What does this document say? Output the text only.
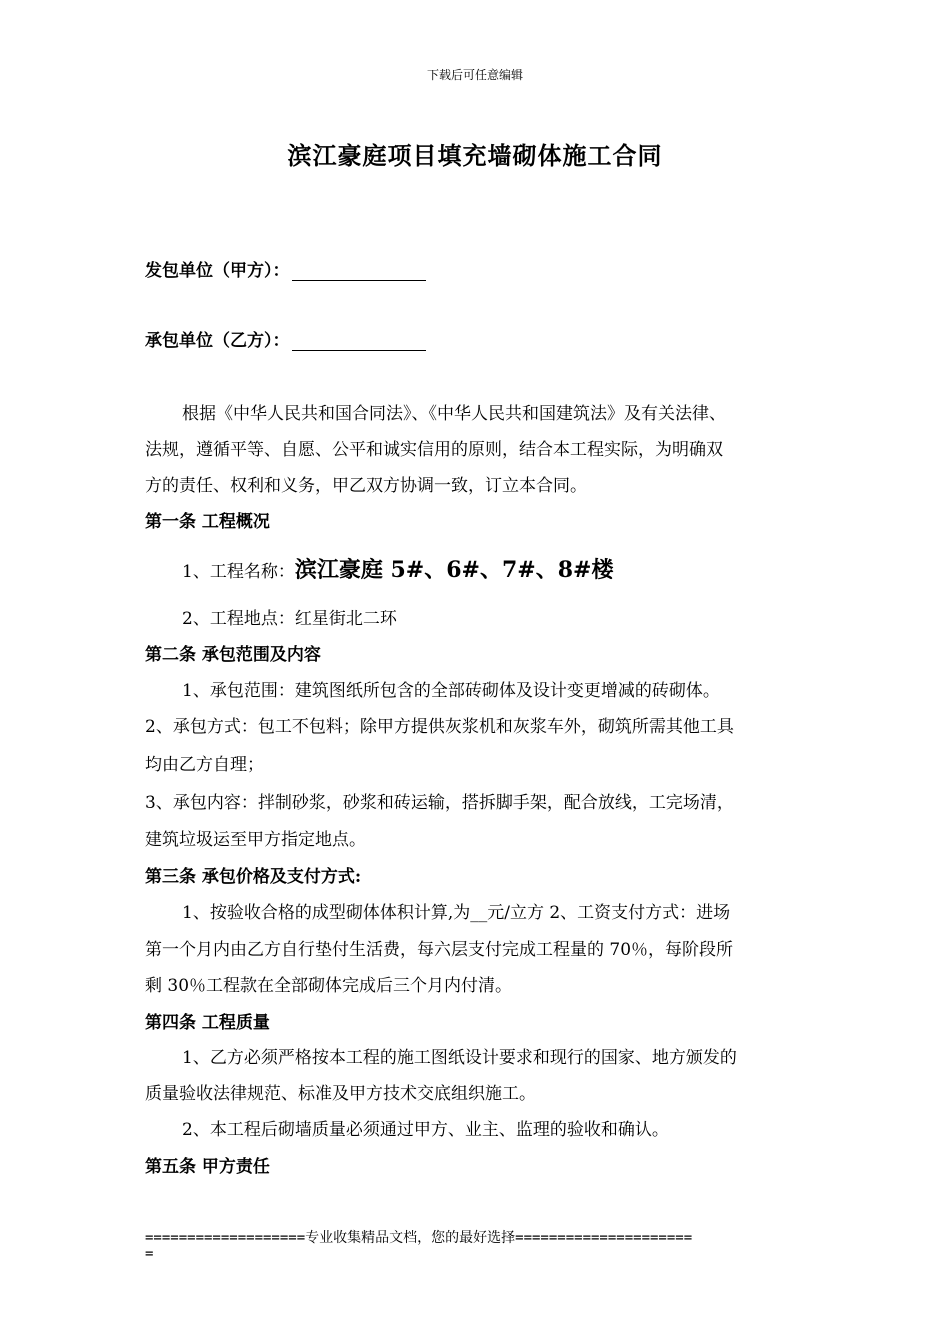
下载后可任意编辑
滨江豪庭项目填充墙砌体施工合同
发包单位（甲方）：
承包单位（乙方）：
根据《中华人民共和国合同法》、《中华人民共和国建筑法》及有关法律、
法规，遵循平等、自愿、公平和诚实信用的原则，结合本工程实际，为明确双
方的责任、权利和义务，甲乙双方协调一致，订立本合同。
第一条 工程概况
1、工程名称：滨江豪庭 5#、6#、7#、8#楼
2、工程地点：红星街北二环
第二条 承包范围及内容
1、承包范围：建筑图纸所包含的全部砖砌体及设计变更增减的砖砌体。
2、承包方式：包工不包料；除甲方提供灰浆机和灰浆车外，砌筑所需其他工具
均由乙方自理；
3、承包内容：拌制砂浆，砂浆和砖运输，搭拆脚手架，配合放线，工完场清，
建筑垃圾运至甲方指定地点。
第三条 承包价格及支付方式:
1、按验收合格的成型砌体体积计算,为__元/立方 2、工资支付方式：进场
第一个月内由乙方自行垫付生活费，每六层支付完成工程量的 70％，每阶段所
剩 30％工程款在全部砌体完成后三个月内付清。
第四条 工程质量
1、乙方必须严格按本工程的施工图纸设计要求和现行的国家、地方颁发的
质量验收法律规范、标准及甲方技术交底组织施工。
2、本工程后砌墙质量必须通过甲方、业主、监理的验收和确认。
第五条 甲方责任
===================专业收集精品文档，您的最好选择=====================
=
